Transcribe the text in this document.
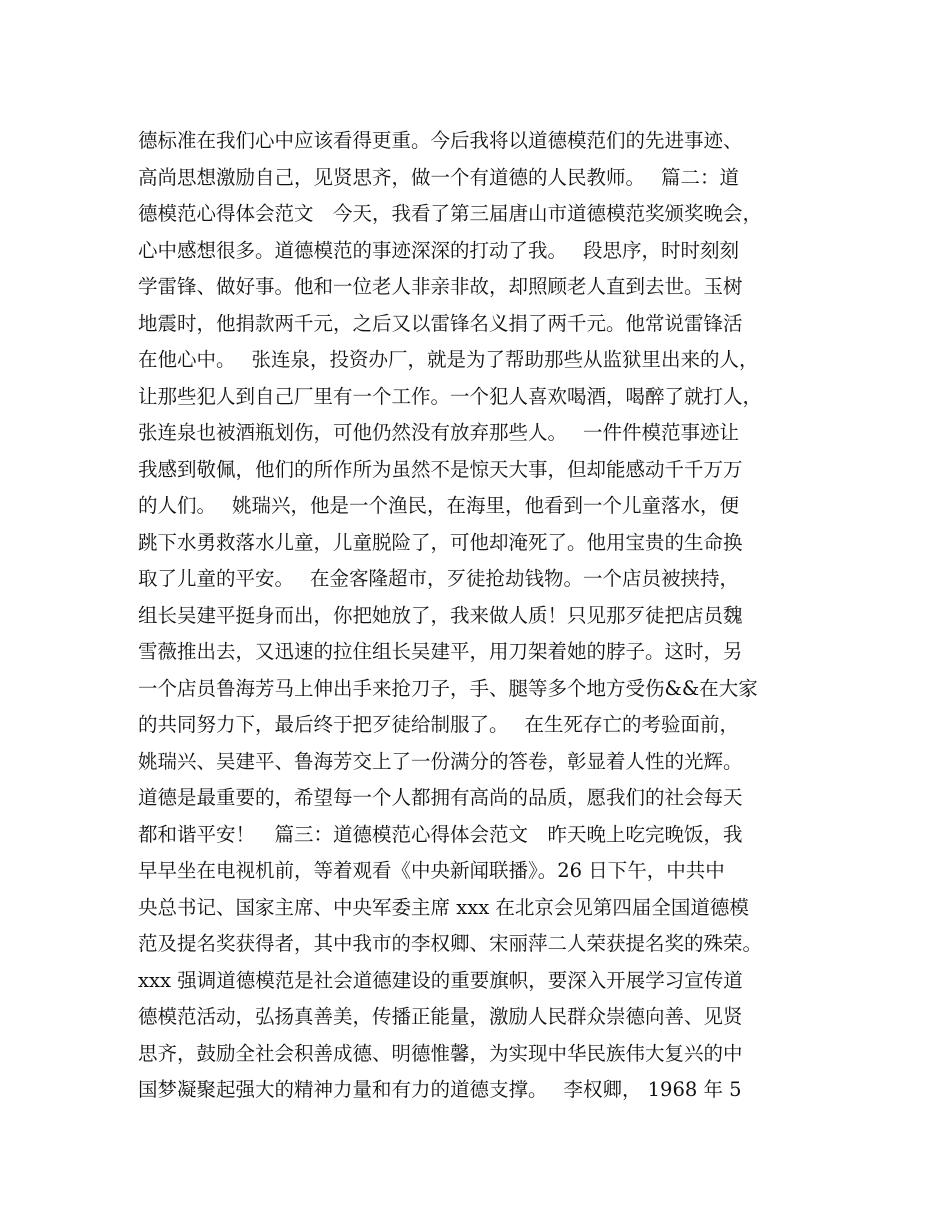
德标准在我们心中应该看得更重。今后我将以道德模范们的先进事迹、
高尚思想激励自己，见贤思齐，做一个有道德的人民教师。　 篇二：道
德模范心得体会范文　今天，我看了第三届唐山市道德模范奖颁奖晚会，
心中感想很多。道德模范的事迹深深的打动了我。　 段思序，时时刻刻
学雷锋、做好事。他和一位老人非亲非故，却照顾老人直到去世。玉树
地震时，他捐款两千元，之后又以雷锋名义捐了两千元。他常说雷锋活
在他心中。　 张连泉，投资办厂，就是为了帮助那些从监狱里出来的人，
让那些犯人到自己厂里有一个工作。一个犯人喜欢喝酒，喝醉了就打人，
张连泉也被酒瓶划伤，可他仍然没有放弃那些人。　 一件件模范事迹让
我感到敬佩，他们的所作所为虽然不是惊天大事，但却能感动千千万万
的人们。　 姚瑞兴，他是一个渔民，在海里，他看到一个儿童落水，便
跳下水勇救落水儿童，儿童脱险了，可他却淹死了。他用宝贵的生命换
取了儿童的平安。　 在金客隆超市，歹徒抢劫钱物。一个店员被挟持，
组长吴建平挺身而出，你把她放了，我来做人质！只见那歹徒把店员魏
雪薇推出去，又迅速的拉住组长吴建平，用刀架着她的脖子。这时，另
一个店员鲁海芳马上伸出手来抢刀子，手、腿等多个地方受伤&&在大家
的共同努力下，最后终于把歹徒给制服了。　 在生死存亡的考验面前，
姚瑞兴、吴建平、鲁海芳交上了一份满分的答卷，彰显着人性的光辉。
道德是最重要的，希望每一个人都拥有高尚的品质，愿我们的社会每天
都和谐平安！　篇三：道德模范心得体会范文　昨天晚上吃完晚饭，我
早早坐在电视机前，等着观看《中央新闻联播》。26 日下午，中共中
央总书记、国家主席、中央军委主席 xxx 在北京会见第四届全国道德模
范及提名奖获得者，其中我市的李权卿、宋丽萍二人荣获提名奖的殊荣。
xxx 强调道德模范是社会道德建设的重要旗帜，要深入开展学习宣传道
德模范活动，弘扬真善美，传播正能量，激励人民群众崇德向善、见贤
思齐，鼓励全社会积善成德、明德惟馨，为实现中华民族伟大复兴的中
国梦凝聚起强大的精神力量和有力的道德支撑。　 李权卿， 1968 年 5
